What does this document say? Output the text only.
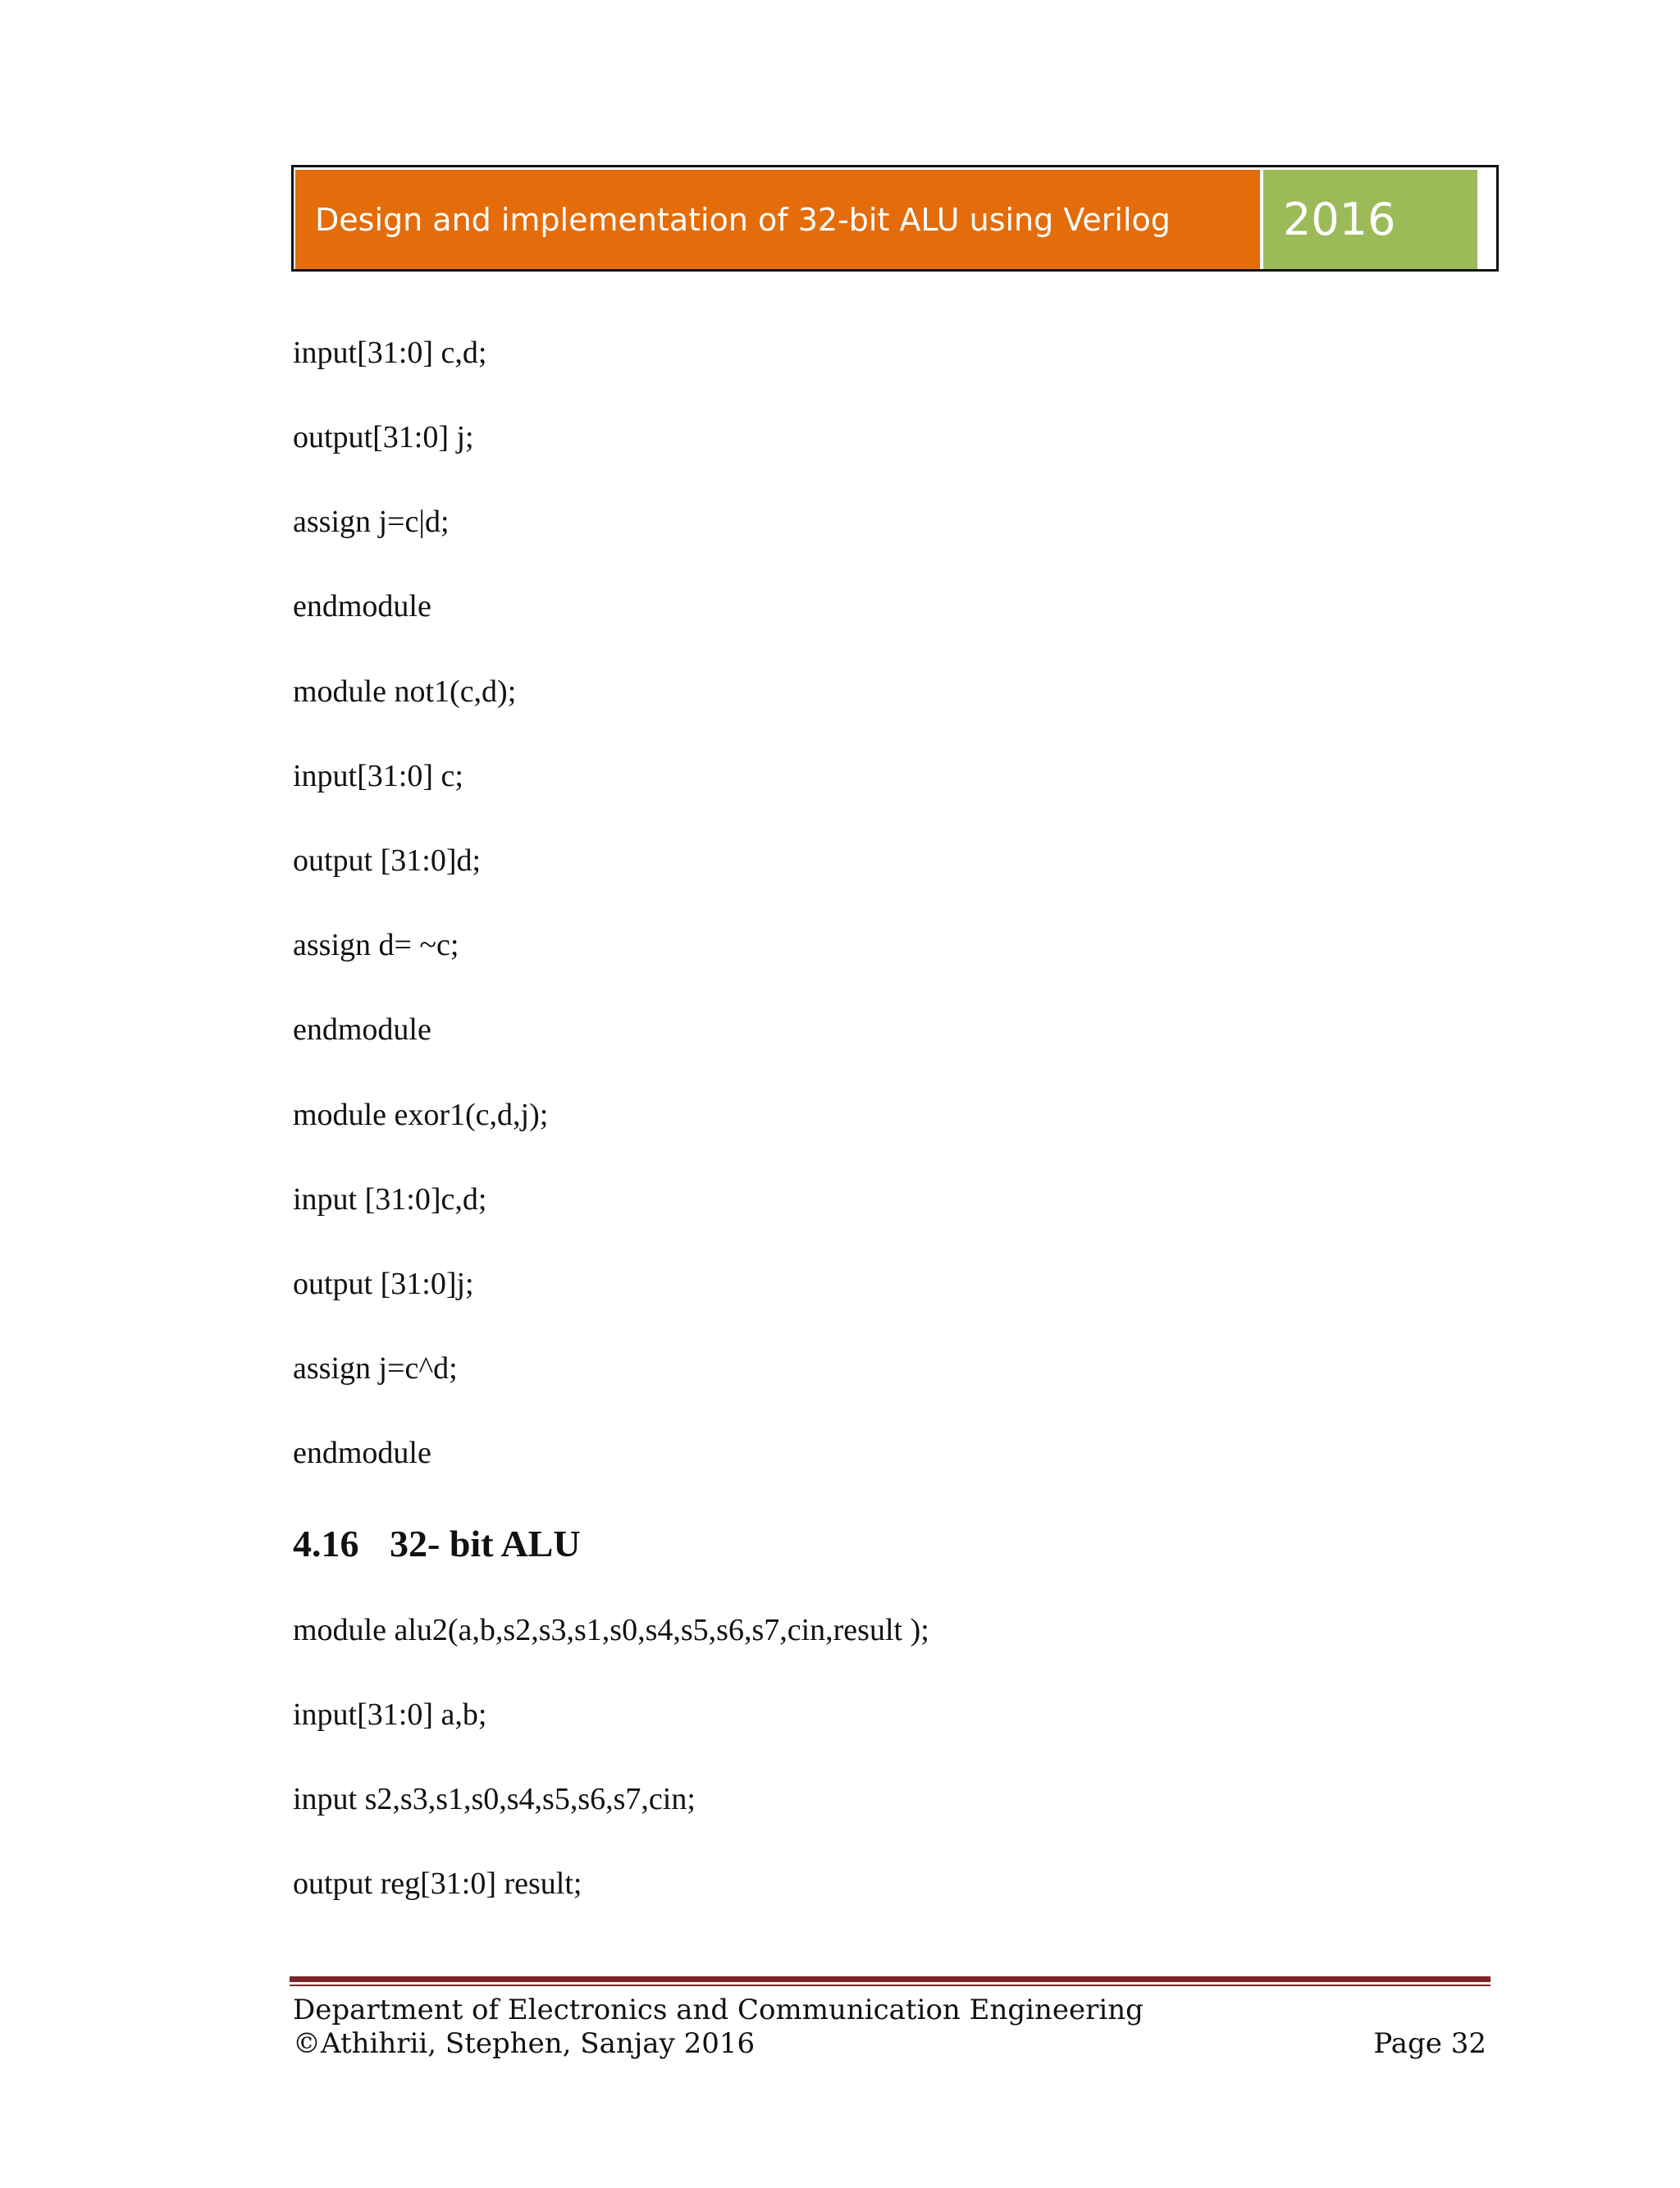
Design and implementation of 32-bit ALU using Verilog	2016
input[31:0] c,d;
output[31:0] j;
assign j=c|d;
endmodule
module not1(c,d);
input[31:0] c;
output [31:0]d;
assign d= ~c;
endmodule
module exor1(c,d,j);
input [31:0]c,d;
output [31:0]j;
assign j=c^d;
endmodule
4.16 32- bit ALU
module alu2(a,b,s2,s3,s1,s0,s4,s5,s6,s7,cin,result );
input[31:0] a,b;
input s2,s3,s1,s0,s4,s5,s6,s7,cin;
output reg[31:0] result;
Department of Electronics and Communication Engineering
©Athihrii, Stephen, Sanjay 2016	Page 32
